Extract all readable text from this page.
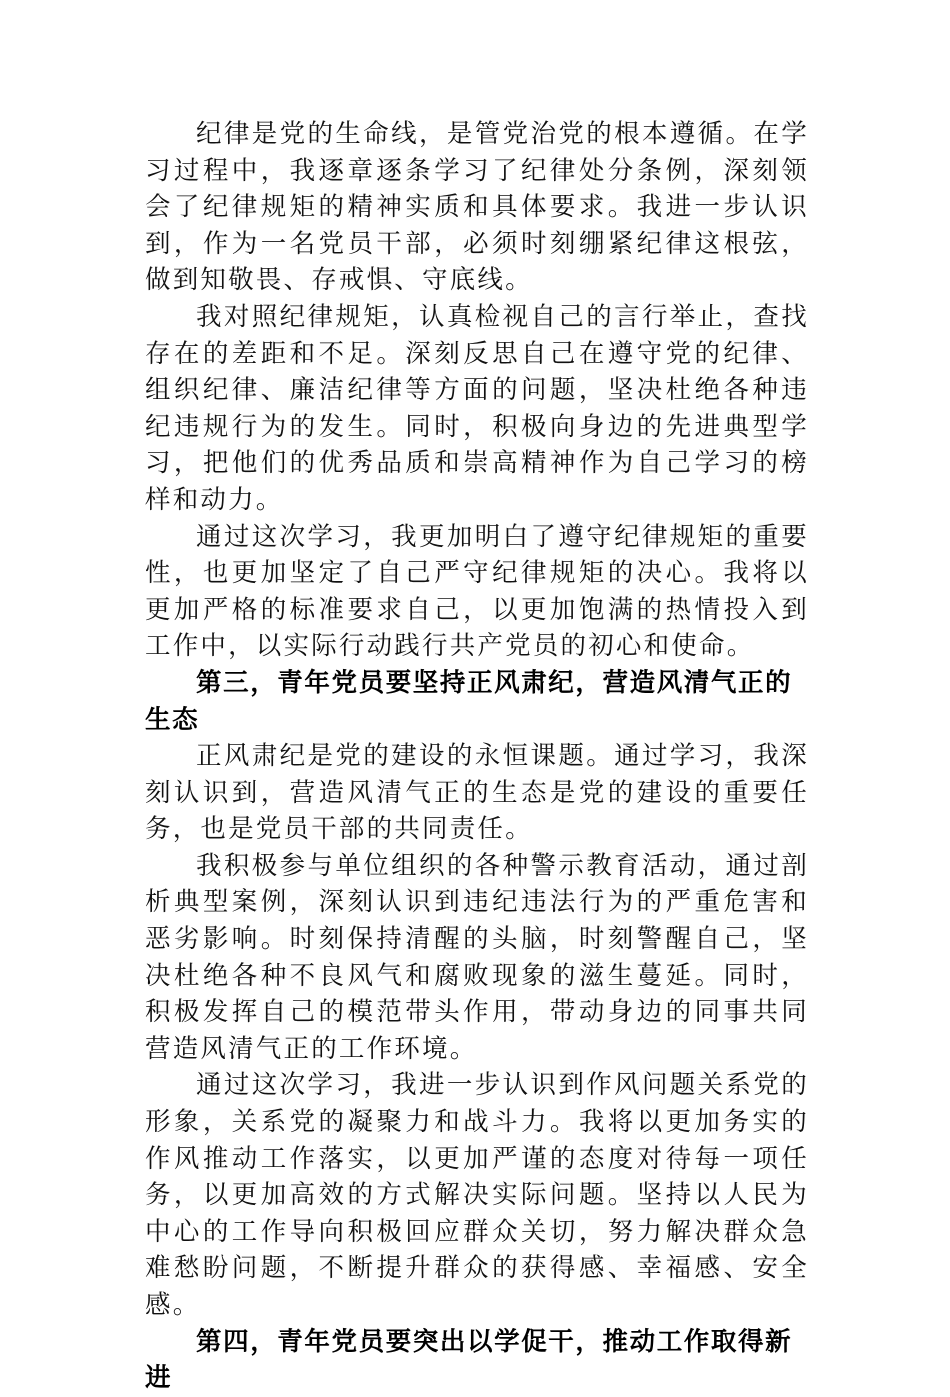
纪律是党的生命线，是管党治党的根本遵循。在学习过程中，我逐章逐条学习了纪律处分条例，深刻领会了纪律规矩的精神实质和具体要求。我进一步认识到，作为一名党员干部，必须时刻绷紧纪律这根弦，做到知敬畏、存戒惧、守底线。

我对照纪律规矩，认真检视自己的言行举止，查找存在的差距和不足。深刻反思自己在遵守党的纪律、组织纪律、廉洁纪律等方面的问题，坚决杜绝各种违纪违规行为的发生。同时，积极向身边的先进典型学习，把他们的优秀品质和崇高精神作为自己学习的榜样和动力。

通过这次学习，我更加明白了遵守纪律规矩的重要性，也更加坚定了自己严守纪律规矩的决心。我将以更加严格的标准要求自己，以更加饱满的热情投入到工作中，以实际行动践行共产党员的初心和使命。

第三，青年党员要坚持正风肃纪，营造风清气正的生态

正风肃纪是党的建设的永恒课题。通过学习，我深刻认识到，营造风清气正的生态是党的建设的重要任务，也是党员干部的共同责任。

我积极参与单位组织的各种警示教育活动，通过剖析典型案例，深刻认识到违纪违法行为的严重危害和恶劣影响。时刻保持清醒的头脑，时刻警醒自己，坚决杜绝各种不良风气和腐败现象的滋生蔓延。同时，积极发挥自己的模范带头作用，带动身边的同事共同营造风清气正的工作环境。

通过这次学习，我进一步认识到作风问题关系党的形象，关系党的凝聚力和战斗力。我将以更加务实的作风推动工作落实，以更加严谨的态度对待每一项任务，以更加高效的方式解决实际问题。坚持以人民为中心的工作导向积极回应群众关切，努力解决群众急难愁盼问题，不断提升群众的获得感、幸福感、安全感。

第四，青年党员要突出以学促干，推动工作取得新进
